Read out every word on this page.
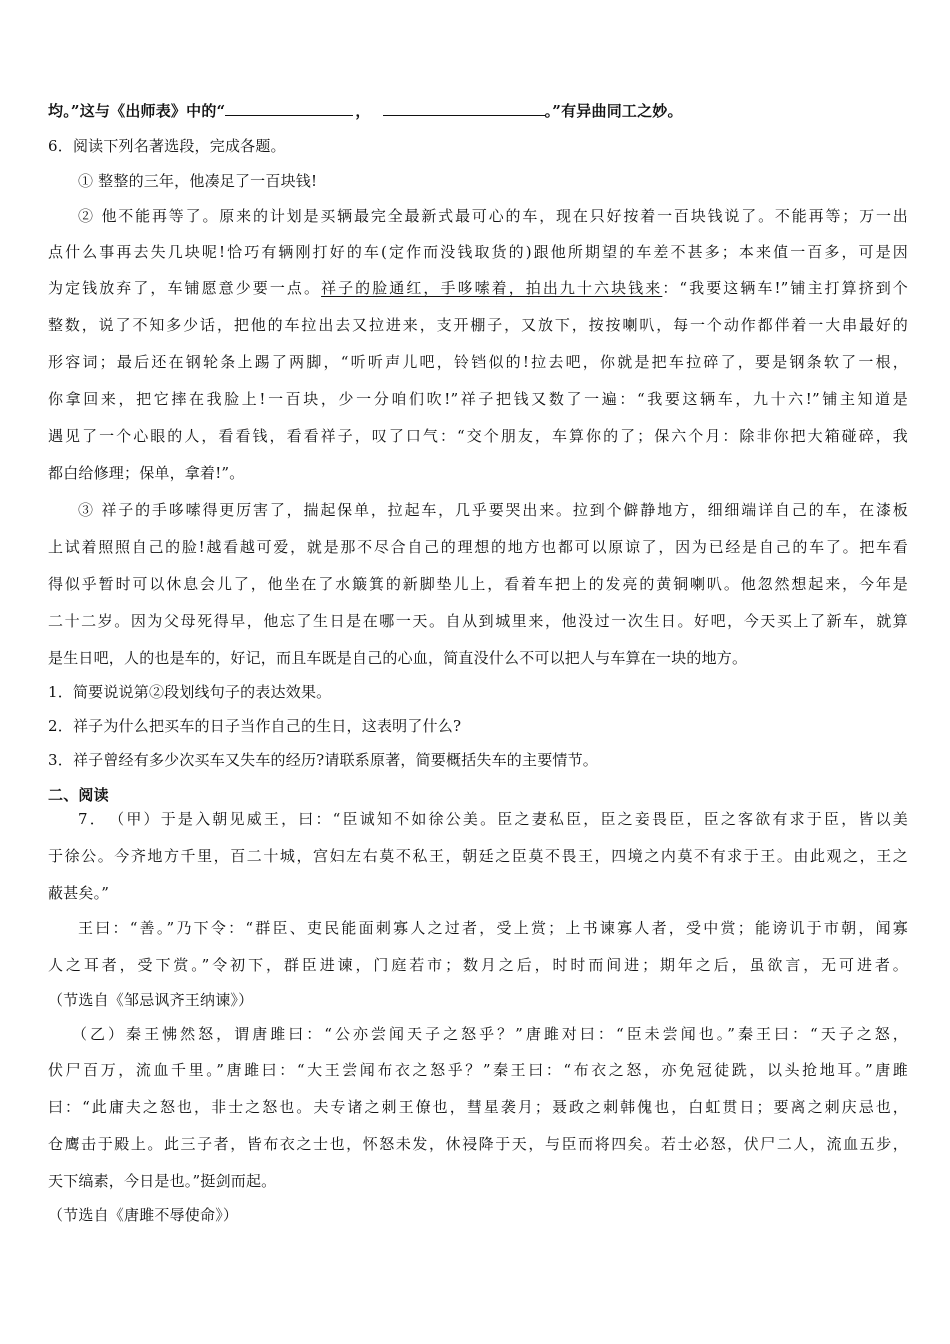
均。”这与《出师表》中的“	，	。”有异曲同工之妙。
6．阅读下列名著选段，完成各题。
① 整整的三年，他凑足了一百块钱!
② 他不能再等了。原来的计划是买辆最完全最新式最可心的车，现在只好按着一百块钱说了。不能再等；万一出
点什么事再去失几块呢!恰巧有辆刚打好的车(定作而没钱取货的)跟他所期望的车差不甚多；本来值一百多，可是因
为定钱放弃了，车铺愿意少要一点。祥子的脸通红，手哆嗦着，拍出九十六块钱来：“我要这辆车!”铺主打算挤到个
整数，说了不知多少话，把他的车拉出去又拉进来，支开棚子，又放下，按按喇叭，每一个动作都伴着一大串最好的
形容词；最后还在钢轮条上踢了两脚，“听听声儿吧，铃铛似的!拉去吧，你就是把车拉碎了，要是钢条软了一根，
你拿回来，把它摔在我脸上!一百块，少一分咱们吹!”祥子把钱又数了一遍：“我要这辆车，九十六!”铺主知道是
遇见了一个心眼的人，看看钱，看看祥子，叹了口气：“交个朋友，车算你的了；保六个月：除非你把大箱碰碎，我
都白给修理；保单，拿着!”。
③ 祥子的手哆嗦得更厉害了，揣起保单，拉起车，几乎要哭出来。拉到个僻静地方，细细端详自己的车，在漆板
上试着照照自己的脸!越看越可爱，就是那不尽合自己的理想的地方也都可以原谅了，因为已经是自己的车了。把车看
得似乎暂时可以休息会儿了，他坐在了水簸箕的新脚垫儿上，看着车把上的发亮的黄铜喇叭。他忽然想起来，今年是
二十二岁。因为父母死得早，他忘了生日是在哪一天。自从到城里来，他没过一次生日。好吧，今天买上了新车，就算
是生日吧，人的也是车的，好记，而且车既是自己的心血，简直没什么不可以把人与车算在一块的地方。
1．简要说说第②段划线句子的表达效果。
2．祥子为什么把买车的日子当作自己的生日，这表明了什么?
3．祥子曾经有多少次买车又失车的经历?请联系原著，简要概括失车的主要情节。
二、阅读
7．　（甲）于是入朝见威王，曰：“臣诚知不如徐公美。臣之妻私臣，臣之妾畏臣，臣之客欲有求于臣，皆以美
于徐公。今齐地方千里，百二十城，宫妇左右莫不私王，朝廷之臣莫不畏王，四境之内莫不有求于王。由此观之，王之
蔽甚矣。”
王曰：“善。”乃下令：“群臣、吏民能面刺寡人之过者，受上赏；上书谏寡人者，受中赏；能谤讥于市朝，闻寡
人之耳者，受下赏。”令初下，群臣进谏，门庭若市；数月之后，时时而间进；期年之后，虽欲言，无可进者。
（节选自《邹忌讽齐王纳谏》）
（乙）秦王怫然怒，谓唐雎曰：“公亦尝闻天子之怒乎？”唐雎对曰：“臣未尝闻也。”秦王曰：“天子之怒，
伏尸百万，流血千里。”唐雎曰：“大王尝闻布衣之怒乎？”秦王曰：“布衣之怒，亦免冠徒跣，以头抢地耳。”唐雎
曰：“此庸夫之怒也，非士之怒也。夫专诸之刺王僚也，彗星袭月；聂政之刺韩傀也，白虹贯日；要离之刺庆忌也，
仓鹰击于殿上。此三子者，皆布衣之士也，怀怒未发，休祲降于天，与臣而将四矣。若士必怒，伏尸二人，流血五步，
天下缟素，今日是也。”挺剑而起。
（节选自《唐雎不辱使命》）
